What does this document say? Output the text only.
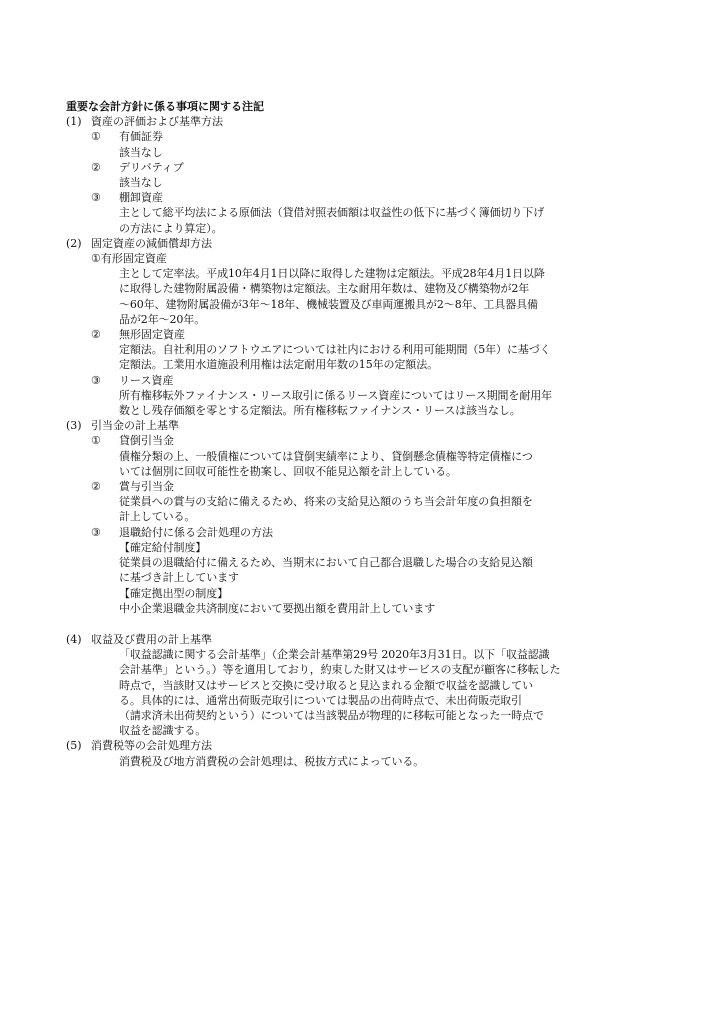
重要な会計方針に係る事項に関する注記
(1) 資産の評価および基準方法
①	有価証券
該当なし
②	デリバティブ
該当なし
③	棚卸資産
主として総平均法による原価法（貸借対照表価額は収益性の低下に基づく簿価切り下げ
の方法により算定）。
(2) 固定資産の減価償却方法
① 有形固定資産
主として定率法。平成10年4月1日以降に取得した建物は定額法。平成28年4月1日以降
に取得した建物附属設備・構築物は定額法。主な耐用年数は、建物及び構築物が2年
～60年、建物附属設備が3年～18年、機械装置及び車両運搬具が2～8年、工具器具備
品が2年～20年。
②	無形固定資産
定額法。自社利用のソフトウエアについては社内における利用可能期間（5年）に基づく
定額法。工業用水道施設利用権は法定耐用年数の15年の定額法。
③	リース資産
所有権移転外ファイナンス・リース取引に係るリース資産についてはリース期間を耐用年
数とし残存価額を零とする定額法。所有権移転ファイナンス・リースは該当なし。
(3) 引当金の計上基準
①	貸倒引当金
債権分類の上、一般債権については貸倒実績率により、貸倒懸念債権等特定債権につ
いては個別に回収可能性を勘案し、回収不能見込額を計上している。
②	賞与引当金
従業員への賞与の支給に備えるため、将来の支給見込額のうち当会計年度の負担額を
計上している。
③	退職給付に係る会計処理の方法
【確定給付制度】
従業員の退職給付に備えるため、当期末において自己都合退職した場合の支給見込額
に基づき計上しています
【確定拠出型の制度】
中小企業退職金共済制度において要拠出額を費用計上しています
(4) 収益及び費用の計上基準
「収益認識に関する会計基準」（企業会計基準第29号 2020年3月31日。以下「収益認識
会計基準」という。）等を適用しており，約束した財又はサービスの支配が顧客に移転した
時点で，当該財又はサービスと交換に受け取ると見込まれる金額で収益を認識してい
る。具体的には、通常出荷販売取引については製品の出荷時点で、未出荷販売取引
（請求済未出荷契約という）については当該製品が物理的に移転可能となった一時点で
収益を認識する。
(5) 消費税等の会計処理方法
消費税及び地方消費税の会計処理は、税抜方式によっている。
